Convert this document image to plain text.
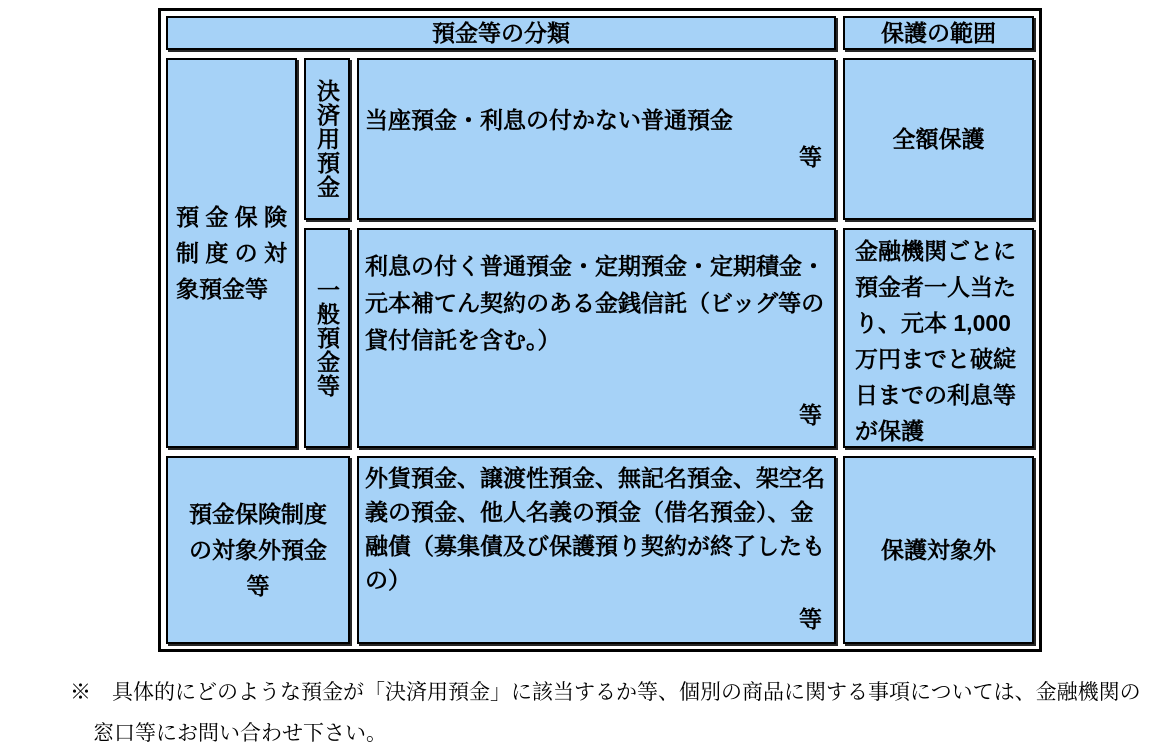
預金等の分類	保護の範囲
預金保険制度の対象預金等
決済用預金	当座預金・利息の付かない普通預金
等
全額保護
一般預金等
利息の付く普通預金・定期預金・定期積金・元本補てん契約のある金銭信託（ビッグ等の貸付信託を含む。）
等
金融機関ごとに預金者一人当たり、元本 1,000万円までと破綻日までの利息等が保護
預金保険制度の対象外預金等
外貨預金、譲渡性預金、無記名預金、架空名義の預金、他人名義の預金（借名預金）、金融債（募集債及び保護預り契約が終了したもの）
等
保護対象外
※　具体的にどのような預金が「決済用預金」に該当するか等、個別の商品に関する事項については、金融機関の窓口等にお問い合わせ下さい。
